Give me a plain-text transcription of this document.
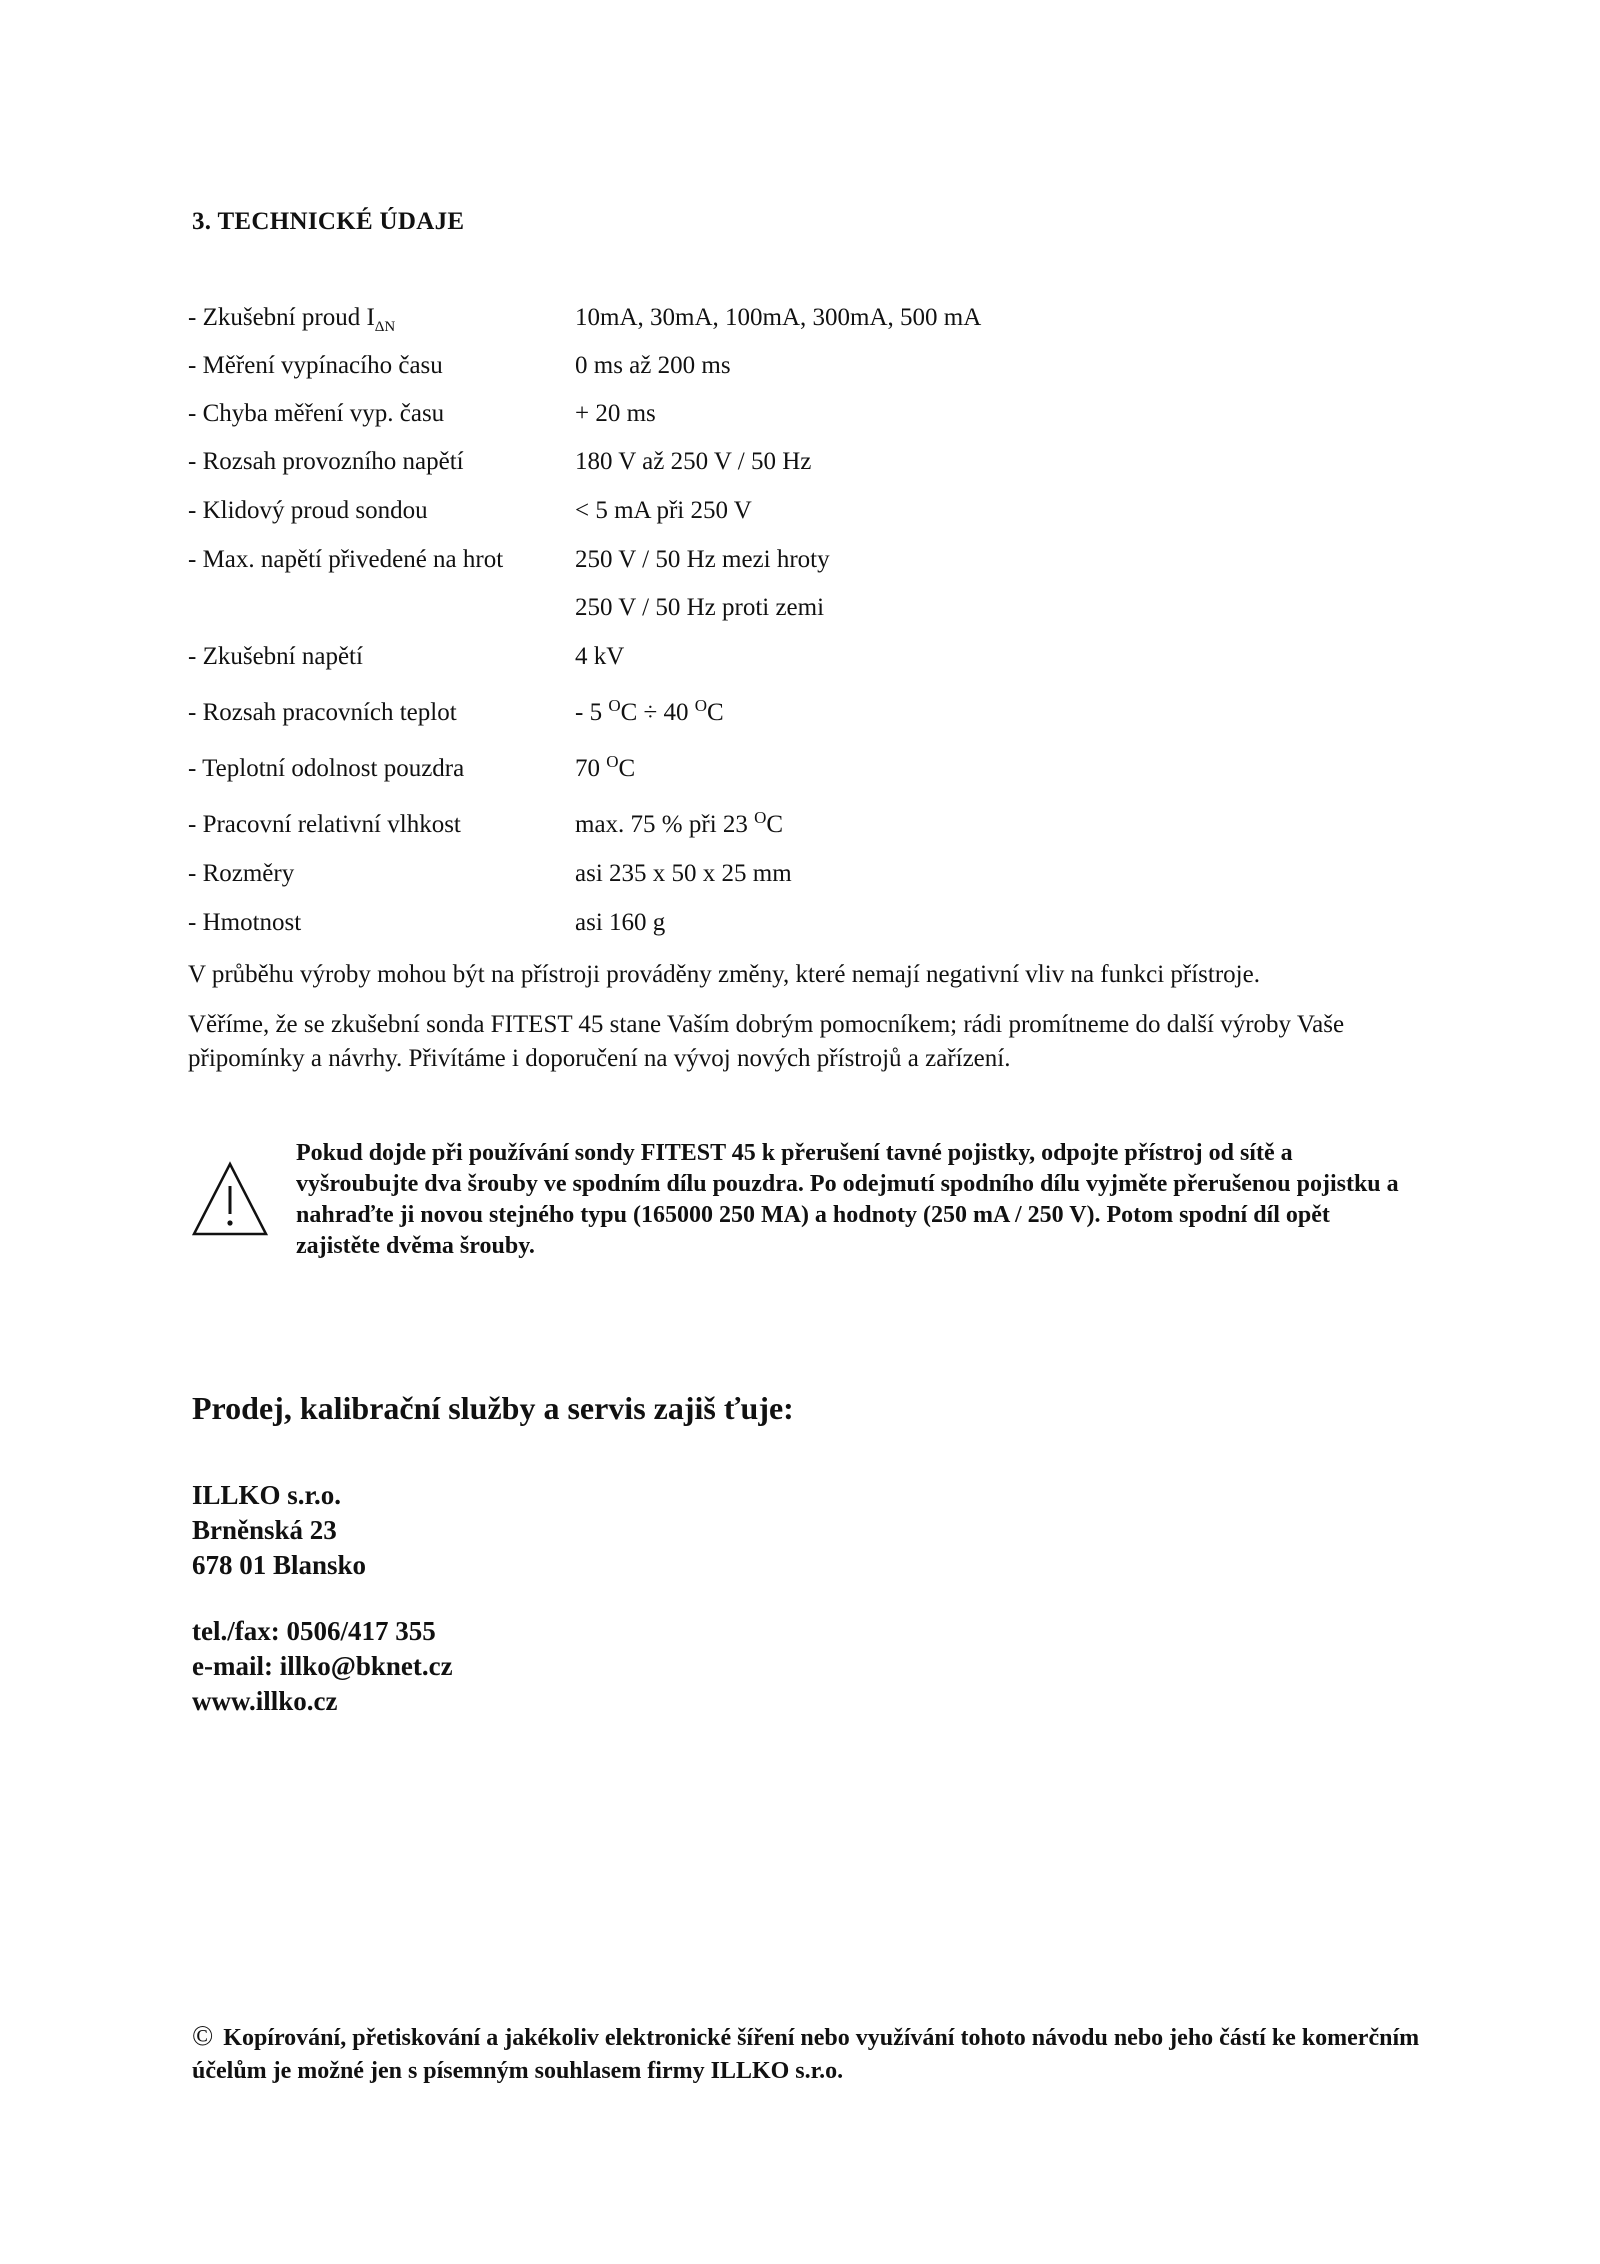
3. TECHNICKÉ ÚDAJE
- Zkušební proud $I_{\Delta N}$	10mA, 30mA, 100mA, 300mA, 500 mA
- Měření vypínacího času	0 ms až 200 ms
- Chyba měření vyp. času	+ 20 ms
- Rozsah provozního napětí	180 V až 250 V / 50 Hz
- Klidový proud sondou	< 5 mA při 250 V
- Max. napětí přivedené na hrot	250 V / 50 Hz mezi hroty
250 V / 50 Hz proti zemi
- Zkušební napětí	4 kV
- Rozsah pracovních teplot	- 5 $^O$C ÷ 40 $^O$C
- Teplotní odolnost pouzdra	70 $^O$C
- Pracovní relativní vlhkost	max. 75 % při 23 $^O$C
- Rozměry	asi 235 x 50 x 25 mm
- Hmotnost	asi 160 g
V průběhu výroby mohou být na přístroji prováděny změny, které nemají negativní vliv na funkci přístroje.
Věříme, že se zkušební sonda FITEST 45 stane Vaším dobrým pomocníkem; rádi promítneme do další výroby Vaše připomínky a návrhy. Přivítáme i doporučení na vývoj nových přístrojů a zařízení.
Pokud dojde při používání sondy FITEST 45 k přerušení tavné pojistky, odpojte přístroj od sítě a vyšroubujte dva šrouby ve spodním dílu pouzdra. Po odejmutí spodního dílu vyjměte přerušenou pojistku a nahraďte ji novou stejného typu (165000 250 MA) a hodnoty (250 mA / 250 V). Potom spodní díl opět zajistěte dvěma šrouby.
Prodej, kalibrační služby a servis zajiš ťuje:
ILLKO s.r.o.
Brněnská 23
678 01 Blansko
tel./fax: 0506/417 355
e-mail: illko@bknet.cz
www.illko.cz
© Kopírování, přetiskování a jakékoliv elektronické šíření nebo využívání tohoto návodu nebo jeho částí ke komerčním účelům je možné jen s písemným souhlasem firmy ILLKO s.r.o.
